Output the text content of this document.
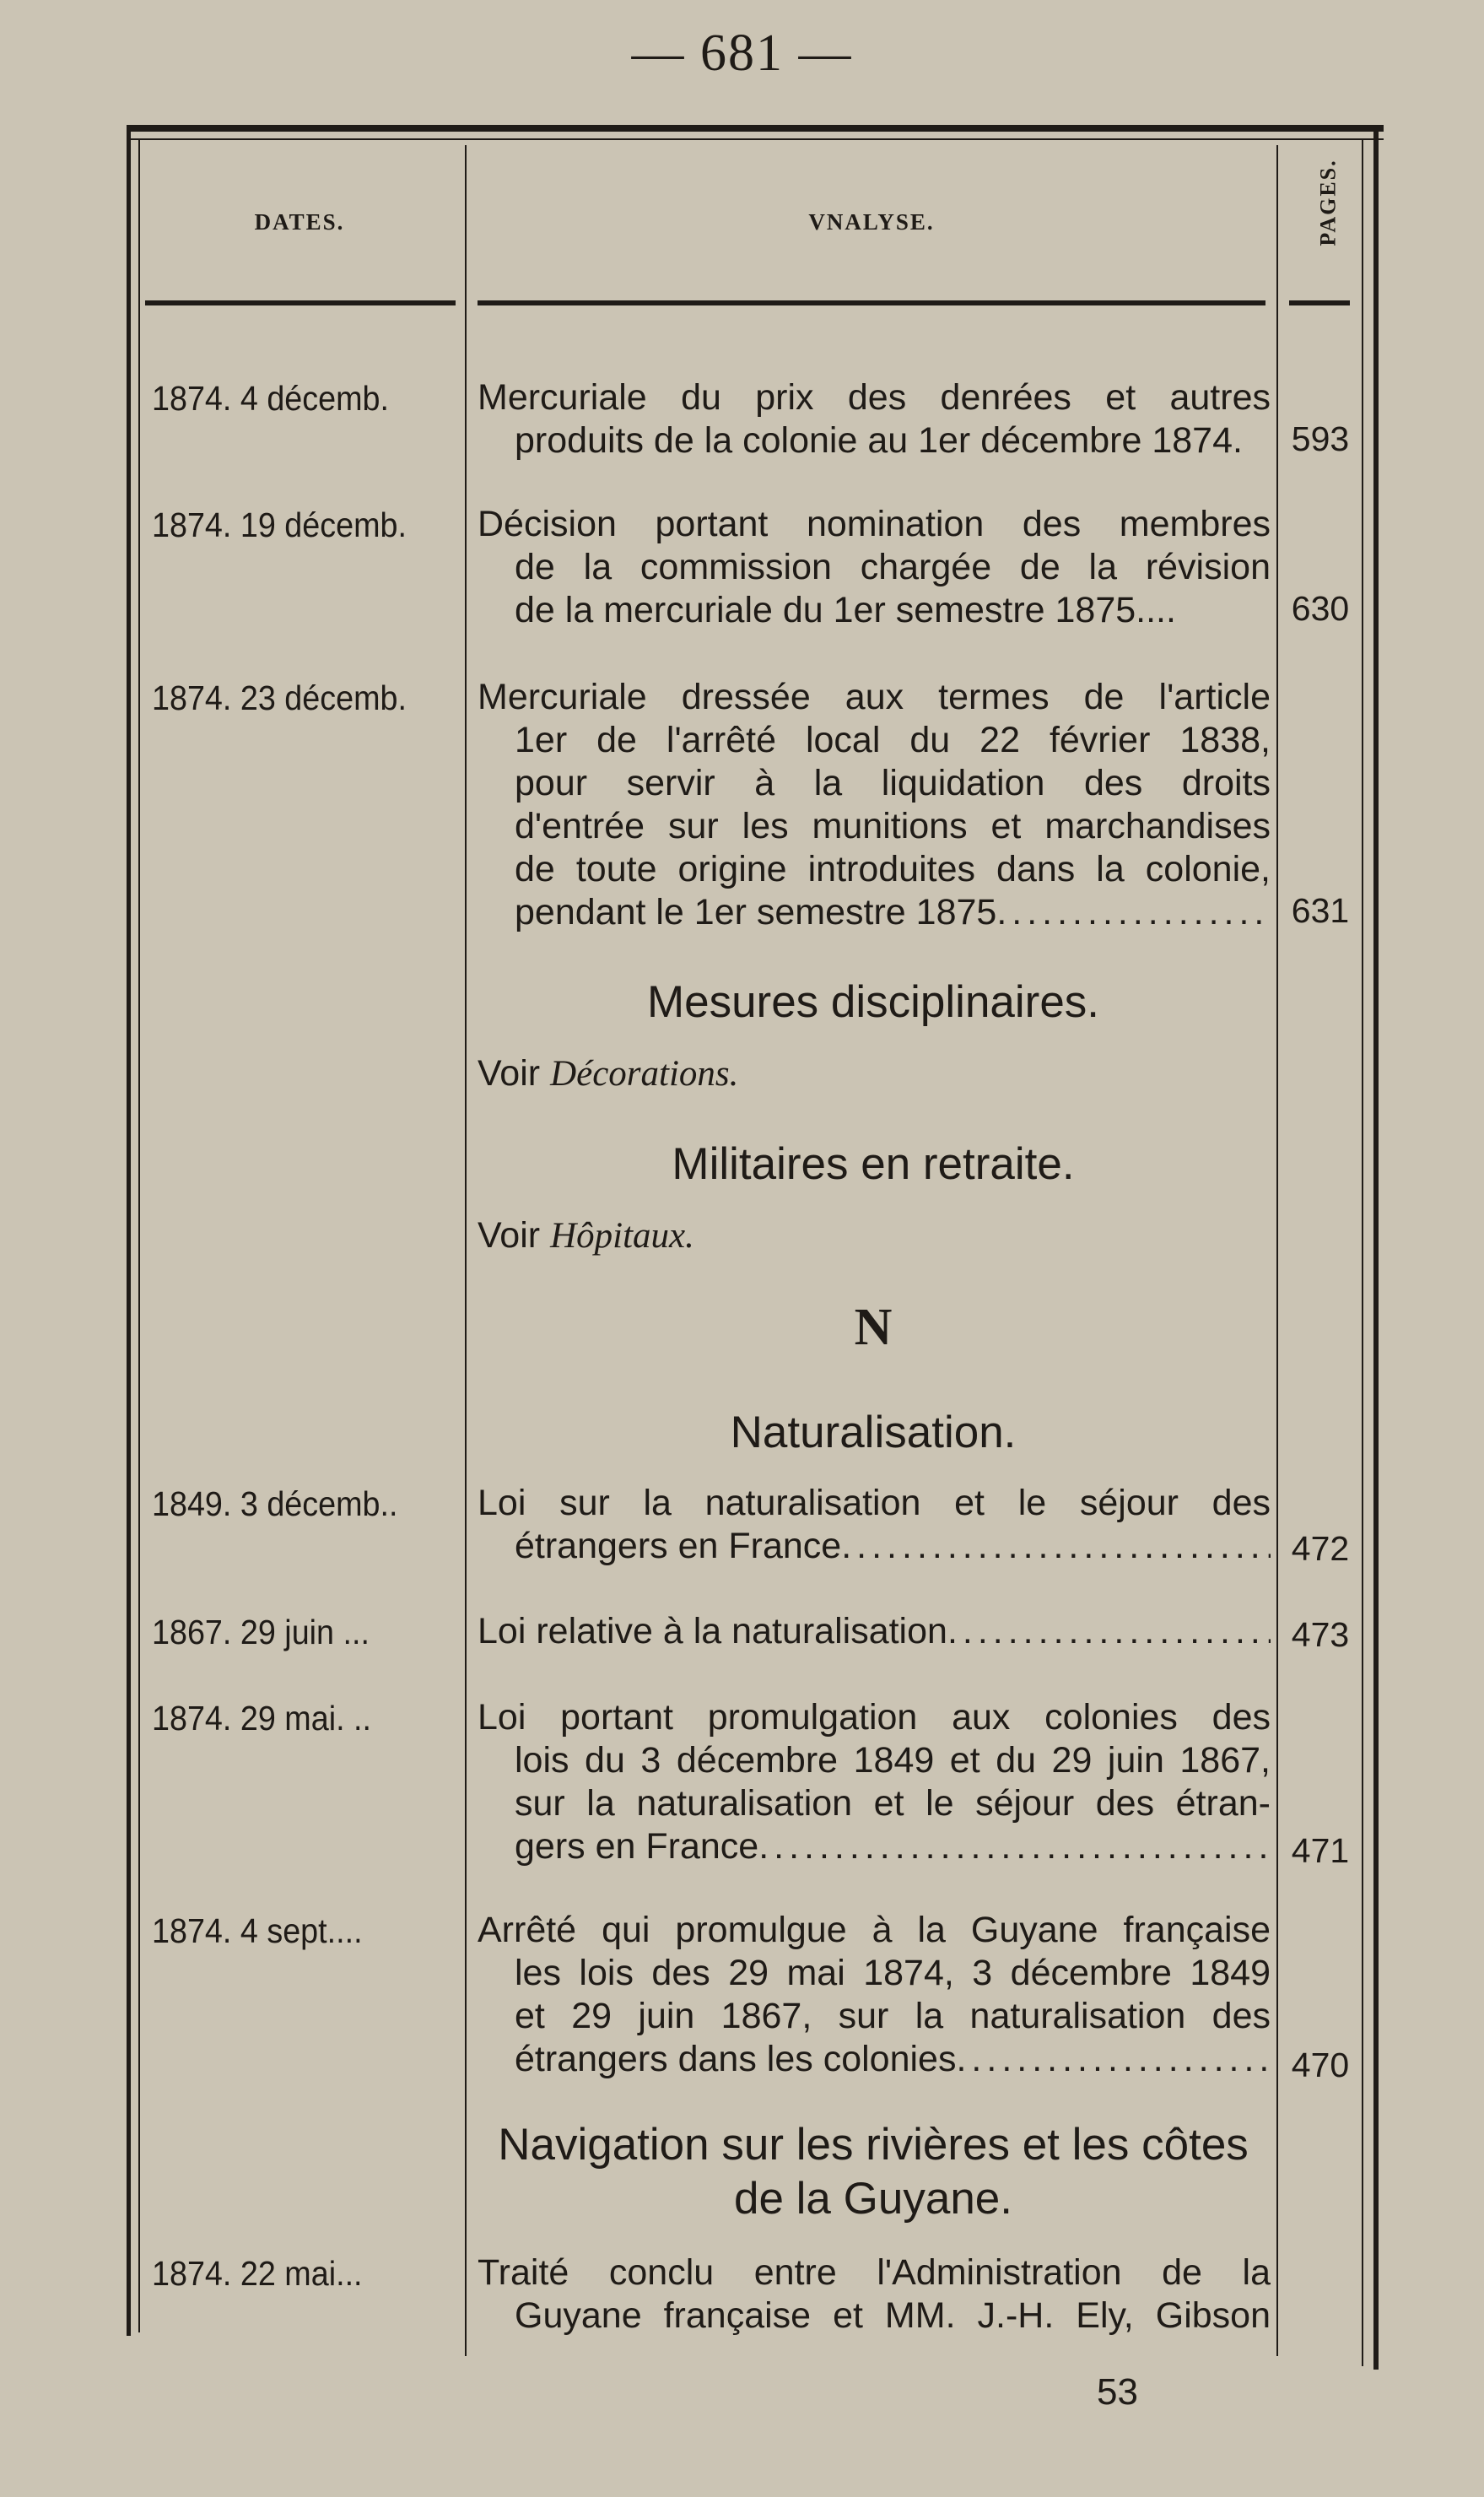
— 681 —
DATES.	VNALYSE.	PAGES.
1874. 4 décemb.	Mercuriale du prix des denrées et autres
produits de la colonie au 1er décembre 1874.	593
1874. 19 décemb.	Décision portant nomination des membres
de la commission chargée de la révision
de la mercuriale du 1er semestre 1875....	630
1874. 23 décemb.	Mercuriale dressée aux termes de l'article
1er de l'arrêté local du 22 février 1838,
pour servir à la liquidation des droits
d'entrée sur les munitions et marchandises
de toute origine introduites dans la colonie,
pendant le 1er semestre 1875 .....	631
Mesures disciplinaires.
Voir Décorations.
Militaires en retraite.
Voir Hôpitaux.
N
Naturalisation.
1849. 3 décemb..	Loi sur la naturalisation et le séjour des
étrangers en France .....	472
1867. 29 juin ...	Loi relative à la naturalisation .....	473
1874. 29 mai. ..	Loi portant promulgation aux colonies des
lois du 3 décembre 1849 et du 29 juin 1867,
sur la naturalisation et le séjour des étran-
gers en France .....	471
1874. 4 sept....	Arrêté qui promulgue à la Guyane française
les lois des 29 mai 1874, 3 décembre 1849
et 29 juin 1867, sur la naturalisation des
étrangers dans les colonies .....	470
Navigation sur les rivières et les côtes
de la Guyane.
1874. 22 mai...	Traité conclu entre l'Administration de la
Guyane française et MM. J.-H. Ely, Gibson
53
